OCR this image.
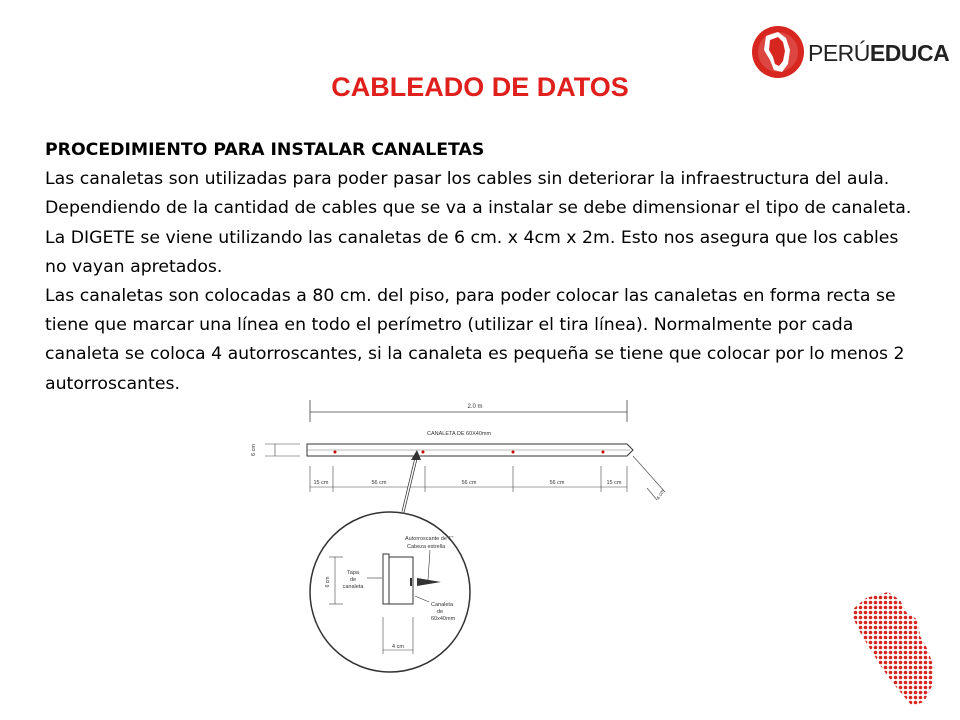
PERÚEDUCA
CABLEADO DE DATOS

PROCEDIMIENTO PARA INSTALAR CANALETAS

Las canaletas son utilizadas para poder pasar los cables sin deteriorar la infraestructura del aula. Dependiendo de la cantidad de cables que se va a instalar se debe dimensionar el tipo de canaleta. La DIGETE se viene utilizando las canaletas de 6 cm. x 4cm x 2m. Esto nos asegura que los cables no vayan apretados.

Las canaletas son colocadas a 80 cm. del piso, para poder colocar las canaletas en forma recta se tiene que marcar una línea en todo el perímetro (utilizar el tira línea). Normalmente por cada canaleta se coloca 4 autorroscantes, si la canaleta es pequeña se tiene que colocar por lo menos 2 autorroscantes.

2.0 m
CANALETA DE 60X40mm
6 cm
15 cm	56 cm	56 cm	56 cm	15 cm
4 cm
Autorroscante de 1"
Cabeza estrella
Tapa
de
canaleta
6 cm
Canaleta
de
60x40mm
4 cm
